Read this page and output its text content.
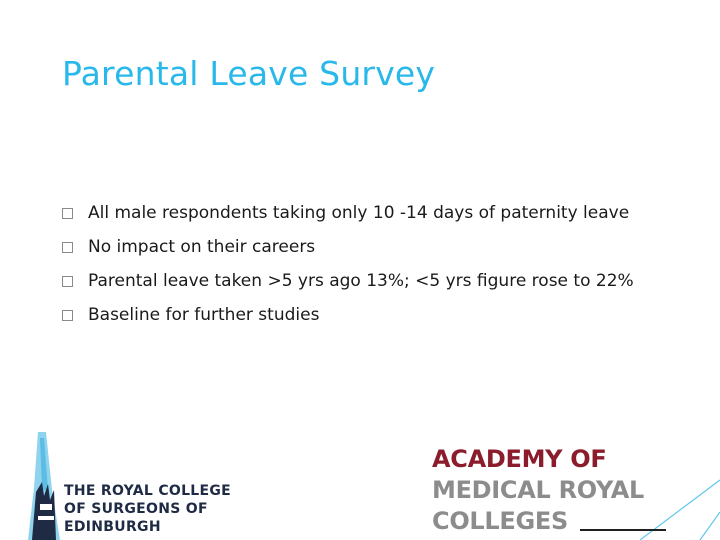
Parental Leave Survey
All male respondents taking only 10 -14 days of paternity leave
No impact on their careers
Parental leave taken >5 yrs ago 13%; <5 yrs figure rose to 22%
Baseline for further studies
THE ROYAL COLLEGE
OF SURGEONS OF
EDINBURGH
ACADEMY OF
MEDICAL ROYAL
COLLEGES
